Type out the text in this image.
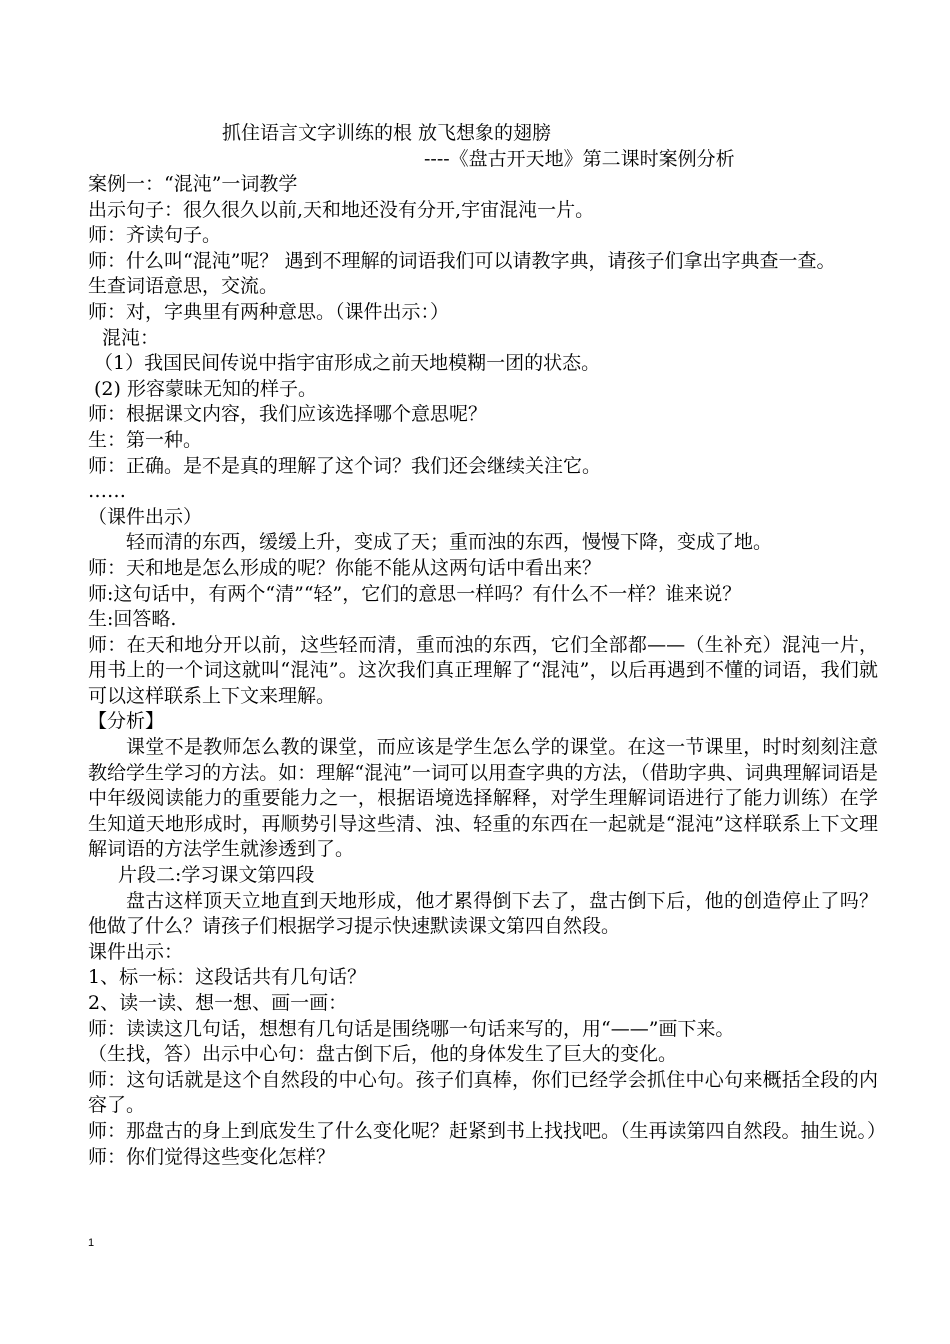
抓住语言文字训练的根 放飞想象的翅膀
----《盘古开天地》第二课时案例分析
案例一：“混沌”一词教学
出示句子：很久很久以前,天和地还没有分开,宇宙混沌一片。
师：齐读句子。
师：什么叫“混沌”呢？ 遇到不理解的词语我们可以请教字典，请孩子们拿出字典查一查。
生查词语意思，交流。
师：对，字典里有两种意思。（课件出示：）
混沌：
（1）我国民间传说中指宇宙形成之前天地模糊一团的状态。
(2) 形容蒙昧无知的样子。
师：根据课文内容，我们应该选择哪个意思呢？
生：第一种。
师：正确。是不是真的理解了这个词？我们还会继续关注它。
……
（课件出示）
轻而清的东西，缓缓上升，变成了天；重而浊的东西，慢慢下降，变成了地。
师：天和地是怎么形成的呢？你能不能从这两句话中看出来？
师:这句话中，有两个“清”“轻”，它们的意思一样吗？有什么不一样？谁来说？
生:回答略.
师：在天和地分开以前，这些轻而清，重而浊的东西，它们全部都——（生补充）混沌一片，用书上的一个词这就叫“混沌”。这次我们真正理解了“混沌”，以后再遇到不懂的词语，我们就可以这样联系上下文来理解。
【分析】
课堂不是教师怎么教的课堂，而应该是学生怎么学的课堂。在这一节课里，时时刻刻注意教给学生学习的方法。如：理解“混沌”一词可以用查字典的方法，（借助字典、词典理解词语是中年级阅读能力的重要能力之一，根据语境选择解释，对学生理解词语进行了能力训练）在学生知道天地形成时，再顺势引导这些清、浊、轻重的东西在一起就是“混沌”这样联系上下文理解词语的方法学生就渗透到了。
片段二:学习课文第四段
盘古这样顶天立地直到天地形成，他才累得倒下去了，盘古倒下后，他的创造停止了吗？他做了什么？请孩子们根据学习提示快速默读课文第四自然段。
课件出示：
1、标一标：这段话共有几句话？
2、读一读、想一想、画一画：
师：读读这几句话，想想有几句话是围绕哪一句话来写的，用“——”画下来。
（生找，答）出示中心句：盘古倒下后，他的身体发生了巨大的变化。
师：这句话就是这个自然段的中心句。孩子们真棒，你们已经学会抓住中心句来概括全段的内容了。
师：那盘古的身上到底发生了什么变化呢？赶紧到书上找找吧。（生再读第四自然段。抽生说。）
师：你们觉得这些变化怎样？
1
